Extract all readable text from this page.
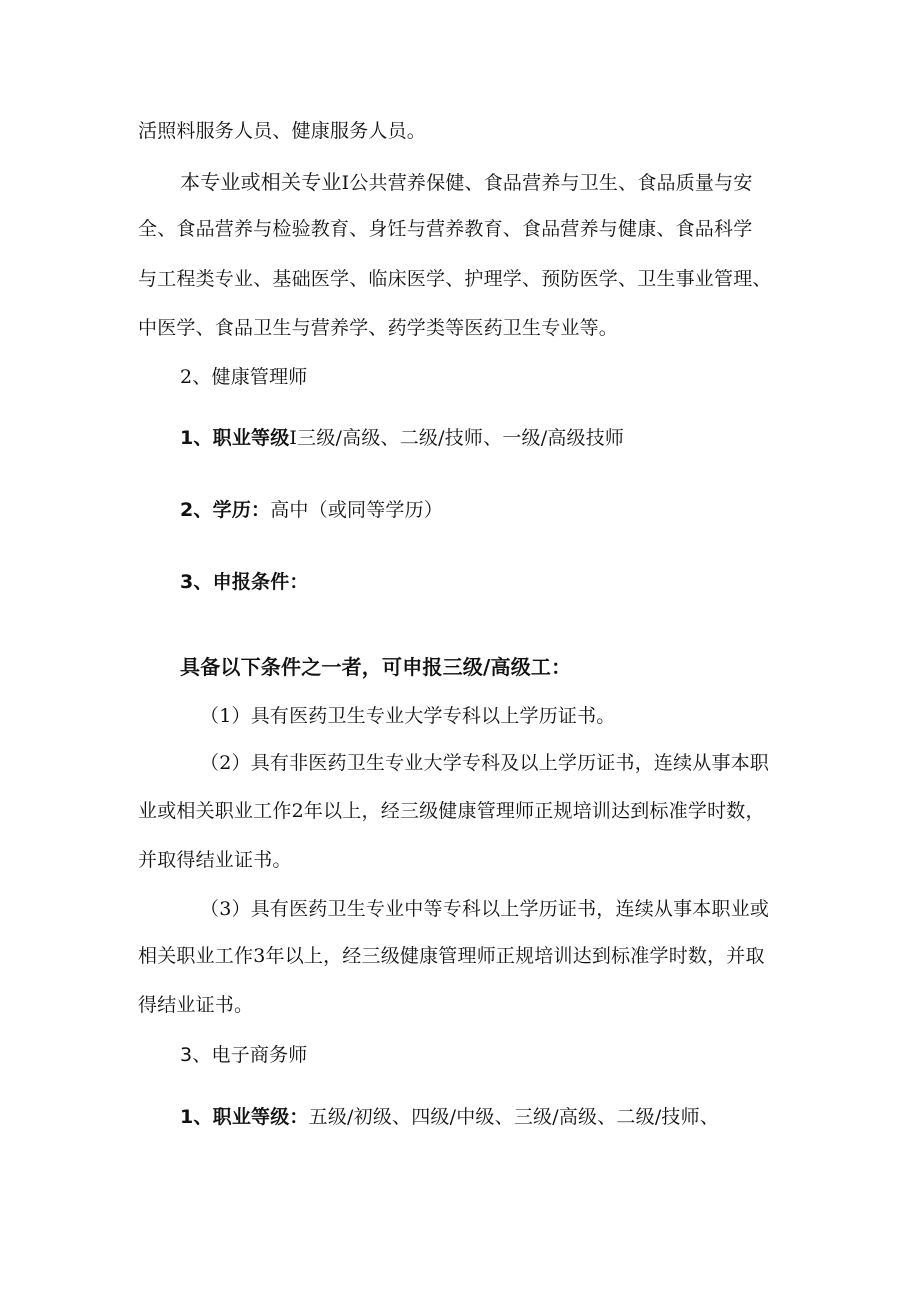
活照料服务人员、健康服务人员。
本专业或相关专业I公共营养保健、食品营养与卫生、食品质量与安
全、食品营养与检验教育、身饪与营养教育、食品营养与健康、食品科学
与工程类专业、基础医学、临床医学、护理学、预防医学、卫生事业管理、
中医学、食品卫生与营养学、药学类等医药卫生专业等。
2、健康管理师
1、职业等级I三级/高级、二级/技师、一级/高级技师
2、学历：高中（或同等学历）
3、申报条件：
具备以下条件之一者，可申报三级/高级工：
（1）具有医药卫生专业大学专科以上学历证书。
（2）具有非医药卫生专业大学专科及以上学历证书，连续从事本职
业或相关职业工作2年以上，经三级健康管理师正规培训达到标准学时数，
并取得结业证书。
（3）具有医药卫生专业中等专科以上学历证书，连续从事本职业或
相关职业工作3年以上，经三级健康管理师正规培训达到标准学时数，并取
得结业证书。
3、电子商务师
1、职业等级：五级/初级、四级/中级、三级/高级、二级/技师、
